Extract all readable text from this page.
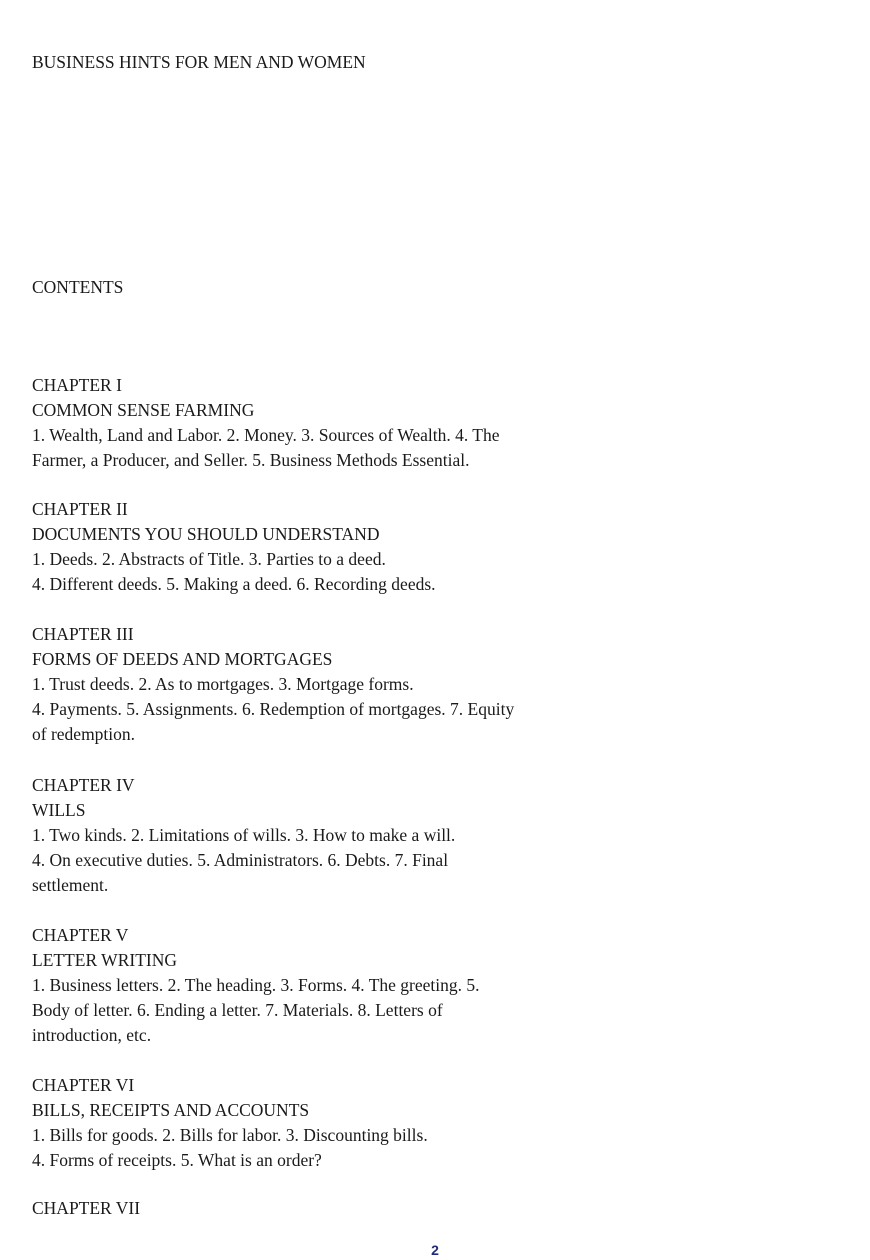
BUSINESS HINTS FOR MEN AND WOMEN

CONTENTS

CHAPTER I

COMMON SENSE FARMING

1. Wealth, Land and Labor. 2. Money. 3. Sources of Wealth. 4. The

Farmer, a Producer, and Seller. 5. Business Methods Essential.

CHAPTER II

DOCUMENTS YOU SHOULD UNDERSTAND

1. Deeds. 2. Abstracts of Title. 3. Parties to a deed.

4. Different deeds. 5. Making a deed. 6. Recording deeds.

CHAPTER III

FORMS OF DEEDS AND MORTGAGES

1. Trust deeds. 2. As to mortgages. 3. Mortgage forms.

4. Payments. 5. Assignments. 6. Redemption of mortgages. 7. Equity

of redemption.

CHAPTER IV

WILLS

1. Two kinds. 2. Limitations of wills. 3. How to make a will.

4. On executive duties. 5. Administrators. 6. Debts. 7. Final

settlement.

CHAPTER V

LETTER WRITING

1. Business letters. 2. The heading. 3. Forms. 4. The greeting. 5.

Body of letter. 6. Ending a letter. 7. Materials. 8. Letters of

introduction, etc.

CHAPTER VI

BILLS, RECEIPTS AND ACCOUNTS

1. Bills for goods. 2. Bills for labor. 3. Discounting bills.

4. Forms of receipts. 5. What is an order?

CHAPTER VII

2
